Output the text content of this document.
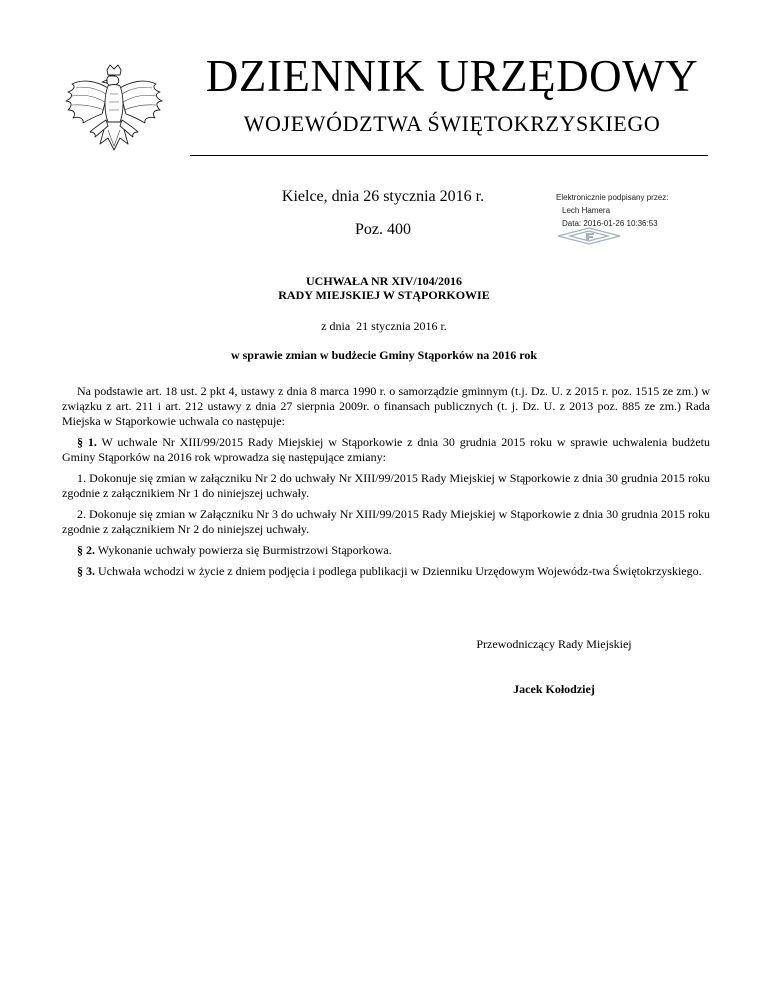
DZIENNIK URZĘDOWY
WOJEWÓDZTWA ŚWIĘTOKRZYSKIEGO
Kielce, dnia 26 stycznia 2016 r.
Poz. 400
Elektronicznie podpisany przez:
Lech Hamera
Data: 2016-01-26 10:36:53
UCHWAŁA NR XIV/104/2016
RADY MIEJSKIEJ W STĄPORKOWIE
z dnia  21 stycznia 2016 r.
w sprawie zmian w budżecie Gminy Stąporków na 2016 rok

Na podstawie art. 18 ust. 2 pkt 4, ustawy z dnia 8 marca 1990 r. o samorządzie gminnym (t.j. Dz. U. z 2015 r. poz. 1515 ze zm.) w związku z art. 211 i art. 212 ustawy z dnia 27 sierpnia 2009r. o finansach publicznych (t. j. Dz. U. z 2013 poz. 885 ze zm.) Rada Miejska w Stąporkowie uchwala co następuje:

§ 1. W uchwale Nr XIII/99/2015 Rady Miejskiej w Stąporkowie z dnia 30 grudnia 2015 roku w sprawie uchwalenia budżetu Gminy Stąporków na 2016 rok wprowadza się następujące zmiany:

1. Dokonuje się zmian w załączniku Nr 2 do uchwały Nr XIII/99/2015 Rady Miejskiej w Stąporkowie z dnia 30 grudnia 2015 roku zgodnie z załącznikiem Nr 1 do niniejszej uchwały.

2. Dokonuje się zmian w Załączniku Nr 3 do uchwały Nr XIII/99/2015 Rady Miejskiej w Stąporkowie z dnia 30 grudnia 2015 roku zgodnie z załącznikiem Nr 2 do niniejszej uchwały.

§ 2. Wykonanie uchwały powierza się Burmistrzowi Stąporkowa.

§ 3. Uchwała wchodzi w życie z dniem podjęcia i podlega publikacji w Dzienniku Urzędowym Wojewódz-twa Świętokrzyskiego.

Przewodniczący Rady Miejskiej
Jacek Kołodziej
